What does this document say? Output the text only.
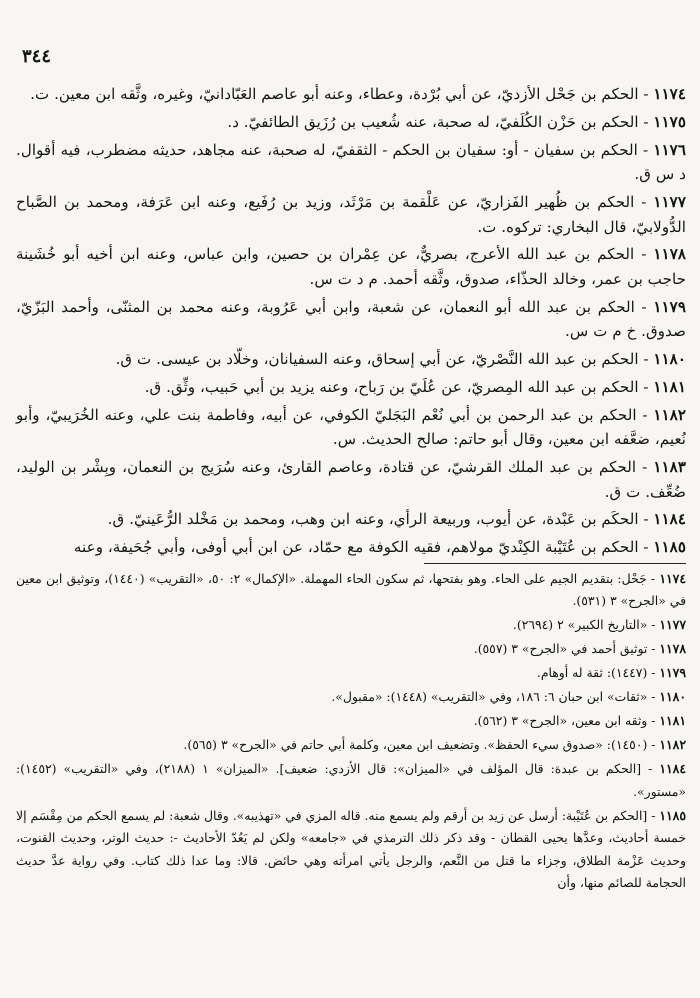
٣٤٤

١١٧٤ - الحكم بن جَحْل الأزديّ، عن أبي بُرْدة، وعطاء، وعنه أبو عاصم العَبّادانيّ، وغيره، وثَّقه ابن معين. ت.

١١٧٥ - الحكم بن حَزْن الكُلَفيّ، له صحبة، عنه شُعيب بن رُزَيق الطائفيّ. د.

١١٧٦ - الحكم بن سفيان - أو: سفيان بن الحكم - الثقفيّ، له صحبة، عنه مجاهد، حديثه مضطرب، فيه أقوال. د س ق.

١١٧٧ - الحكم بن ظُهير الفَزاريّ، عن عَلْقمة بن مَرْثَد، وزيد بن رُفَيع، وعنه ابن عَرَفة، ومحمد بن الصَّباح الدُّولابيّ، قال البخاري: تركوه. ت.

١١٧٨ - الحكم بن عبد الله الأعرج، بصريٌّ، عن عِمْران بن حصين، وابن عباس، وعنه ابن أخيه أبو خُشَينة حاجب بن عمر، وخالد الحذّاء، صدوق، وثَّقه أحمد. م د ت س.

١١٧٩ - الحكم بن عبد الله أبو النعمان، عن شعبة، وابن أبي عَرُوبة، وعنه محمد بن المثنّى، وأحمد البَزّيّ، صدوق. خ م ت س.

١١٨٠ - الحكم بن عبد الله النَّصْريّ، عن أبي إسحاق، وعنه السفيانان، وخلّاد بن عيسى. ت ق.

١١٨١ - الحكم بن عبد الله المِصريّ، عن عُلَيّ بن رَباح، وعنه يزيد بن أبي حَبيب، وثِّق. ق.

١١٨٢ - الحكم بن عبد الرحمن بن أبي نُعْم البَجَليّ الكوفي، عن أبيه، وفاطمة بنت علي، وعنه الخُرَيبيّ، وأبو نُعيم، ضعَّفه ابن معين، وقال أبو حاتم: صالح الحديث. س.

١١٨٣ - الحكم بن عبد الملك القرشيّ، عن قتادة، وعاصم القارئ، وعنه سُرَيج بن النعمان، وبِشْر بن الوليد، ضُعِّف. ت ق.

١١٨٤ - الحكَم بن عَبْدة، عن أيوب، وربيعة الرأي، وعنه ابن وهب، ومحمد بن مَخْلد الرُّعَينيّ. ق.

١١٨٥ - الحكم بن عُتَيْبة الكِنْديّ مولاهم، فقيه الكوفة مع حمّاد، عن ابن أبي أوفى، وأبي جُحَيفة، وعنه

١١٧٤ - جَحْل: بتقديم الجيم على الحاء. وهو بفتحها، ثم سكون الحاء المهملة. «الإكمال» ٢: ٥٠، «التقريب» (١٤٤٠)، وتوثيق ابن معين في «الجرح» ٣ (٥٣١).

١١٧٧ - «التاريخ الكبير» ٢ (٢٦٩٤).

١١٧٨ - توثيق أحمد في «الجرح» ٣ (٥٥٧).

١١٧٩ - (١٤٤٧): ثقة له أوهام.

١١٨٠ - «ثقات» ابن حبان ٦: ١٨٦، وفي «التقريب» (١٤٤٨): «مقبول».

١١٨١ - وثقه ابن معين، «الجرح» ٣ (٥٦٢).

١١٨٢ - (١٤٥٠): «صدوق سيء الحفظ». وتضعيف ابن معين، وكلمة أبي حاتم في «الجرح» ٣ (٥٦٥).

١١٨٤ - [الحكم بن عبدة: قال المؤلف في «الميزان»: قال الأزدي: ضعيف]. «الميزان» ١ (٢١٨٨)، وفي «التقريب» (١٤٥٢): «مستور».

١١٨٥ - [الحكم بن عُتَيْبة: أرسل عن زيد بن أرقم ولم يسمع منه. قاله المزي في «تهذيبه». وقال شعبة: لم يسمع الحكم من مِقْسَم إلا خمسة أحاديث، وعدَّها يحيى القطان - وقد ذكر ذلك الترمذي في «جامعه» ولكن لم يَعُدّ الأحاديث -: حديث الوتر، وحديث القنوت، وحديث عَزْمة الطلاق، وجزاء ما قتل من النَّعم، والرجل يأتي امرأته وهي حائض. قالا: وما عدا ذلك كتاب. وفي رواية عدَّ حديث الحجامة للصائم منها، وأن
